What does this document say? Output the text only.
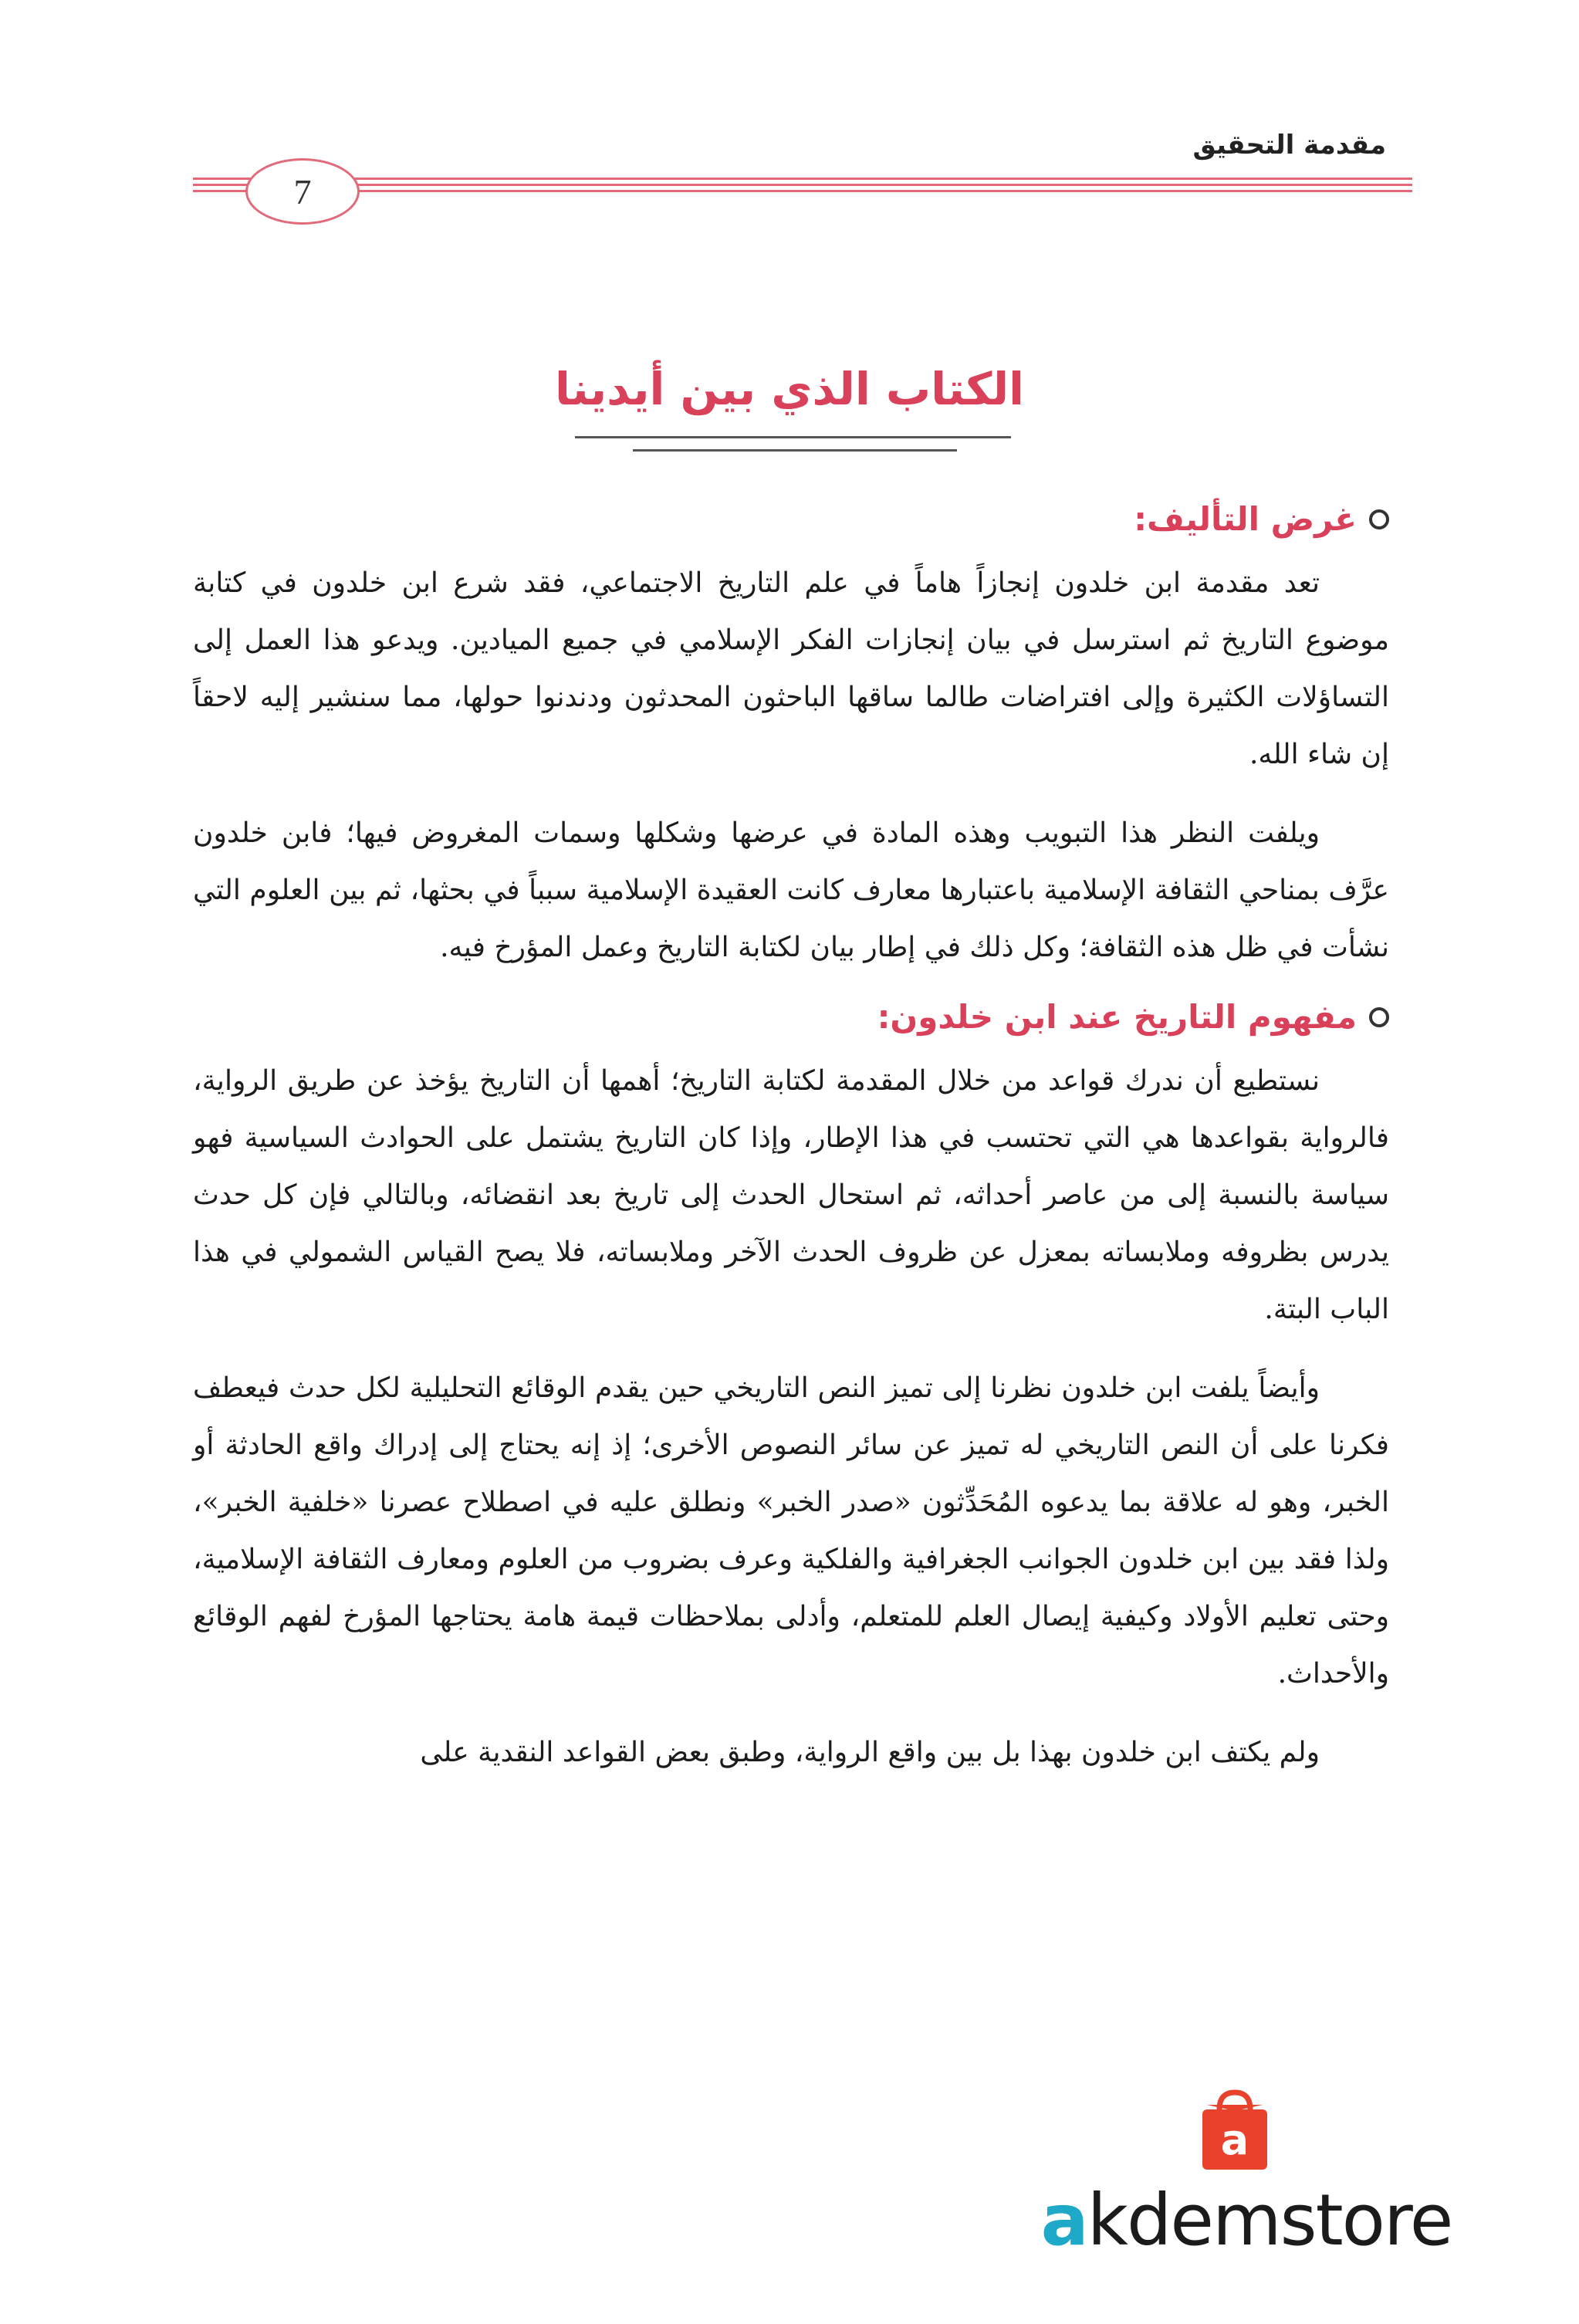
مقدمة التحقيق
7
الكتاب الذي بين أيدينا
غرض التأليف:

تعد مقدمة ابن خلدون إنجازاً هاماً في علم التاريخ الاجتماعي، فقد شرع ابن خلدون في كتابة موضوع التاريخ ثم استرسل في بيان إنجازات الفكر الإسلامي في جميع الميادين. ويدعو هذا العمل إلى التساؤلات الكثيرة وإلى افتراضات طالما ساقها الباحثون المحدثون ودندنوا حولها، مما سنشير إليه لاحقاً إن شاء الله.

ويلفت النظر هذا التبويب وهذه المادة في عرضها وشكلها وسمات المغروض فيها؛ فابن خلدون عرَّف بمناحي الثقافة الإسلامية باعتبارها معارف كانت العقيدة الإسلامية سبباً في بحثها، ثم بين العلوم التي نشأت في ظل هذه الثقافة؛ وكل ذلك في إطار بيان لكتابة التاريخ وعمل المؤرخ فيه.

مفهوم التاريخ عند ابن خلدون:

نستطيع أن ندرك قواعد من خلال المقدمة لكتابة التاريخ؛ أهمها أن التاريخ يؤخذ عن طريق الرواية، فالرواية بقواعدها هي التي تحتسب في هذا الإطار، وإذا كان التاريخ يشتمل على الحوادث السياسية فهو سياسة بالنسبة إلى من عاصر أحداثه، ثم استحال الحدث إلى تاريخ بعد انقضائه، وبالتالي فإن كل حدث يدرس بظروفه وملابساته بمعزل عن ظروف الحدث الآخر وملابساته، فلا يصح القياس الشمولي في هذا الباب البتة.

وأيضاً يلفت ابن خلدون نظرنا إلى تميز النص التاريخي حين يقدم الوقائع التحليلية لكل حدث فيعطف فكرنا على أن النص التاريخي له تميز عن سائر النصوص الأخرى؛ إذ إنه يحتاج إلى إدراك واقع الحادثة أو الخبر، وهو له علاقة بما يدعوه المُحَدِّثون «صدر الخبر» ونطلق عليه في اصطلاح عصرنا «خلفية الخبر»، ولذا فقد بين ابن خلدون الجوانب الجغرافية والفلكية وعرف بضروب من العلوم ومعارف الثقافة الإسلامية، وحتى تعليم الأولاد وكيفية إيصال العلم للمتعلم، وأدلى بملاحظات قيمة هامة يحتاجها المؤرخ لفهم الوقائع والأحداث.

ولم يكتف ابن خلدون بهذا بل بين واقع الرواية، وطبق بعض القواعد النقدية على

a
akdemstore
